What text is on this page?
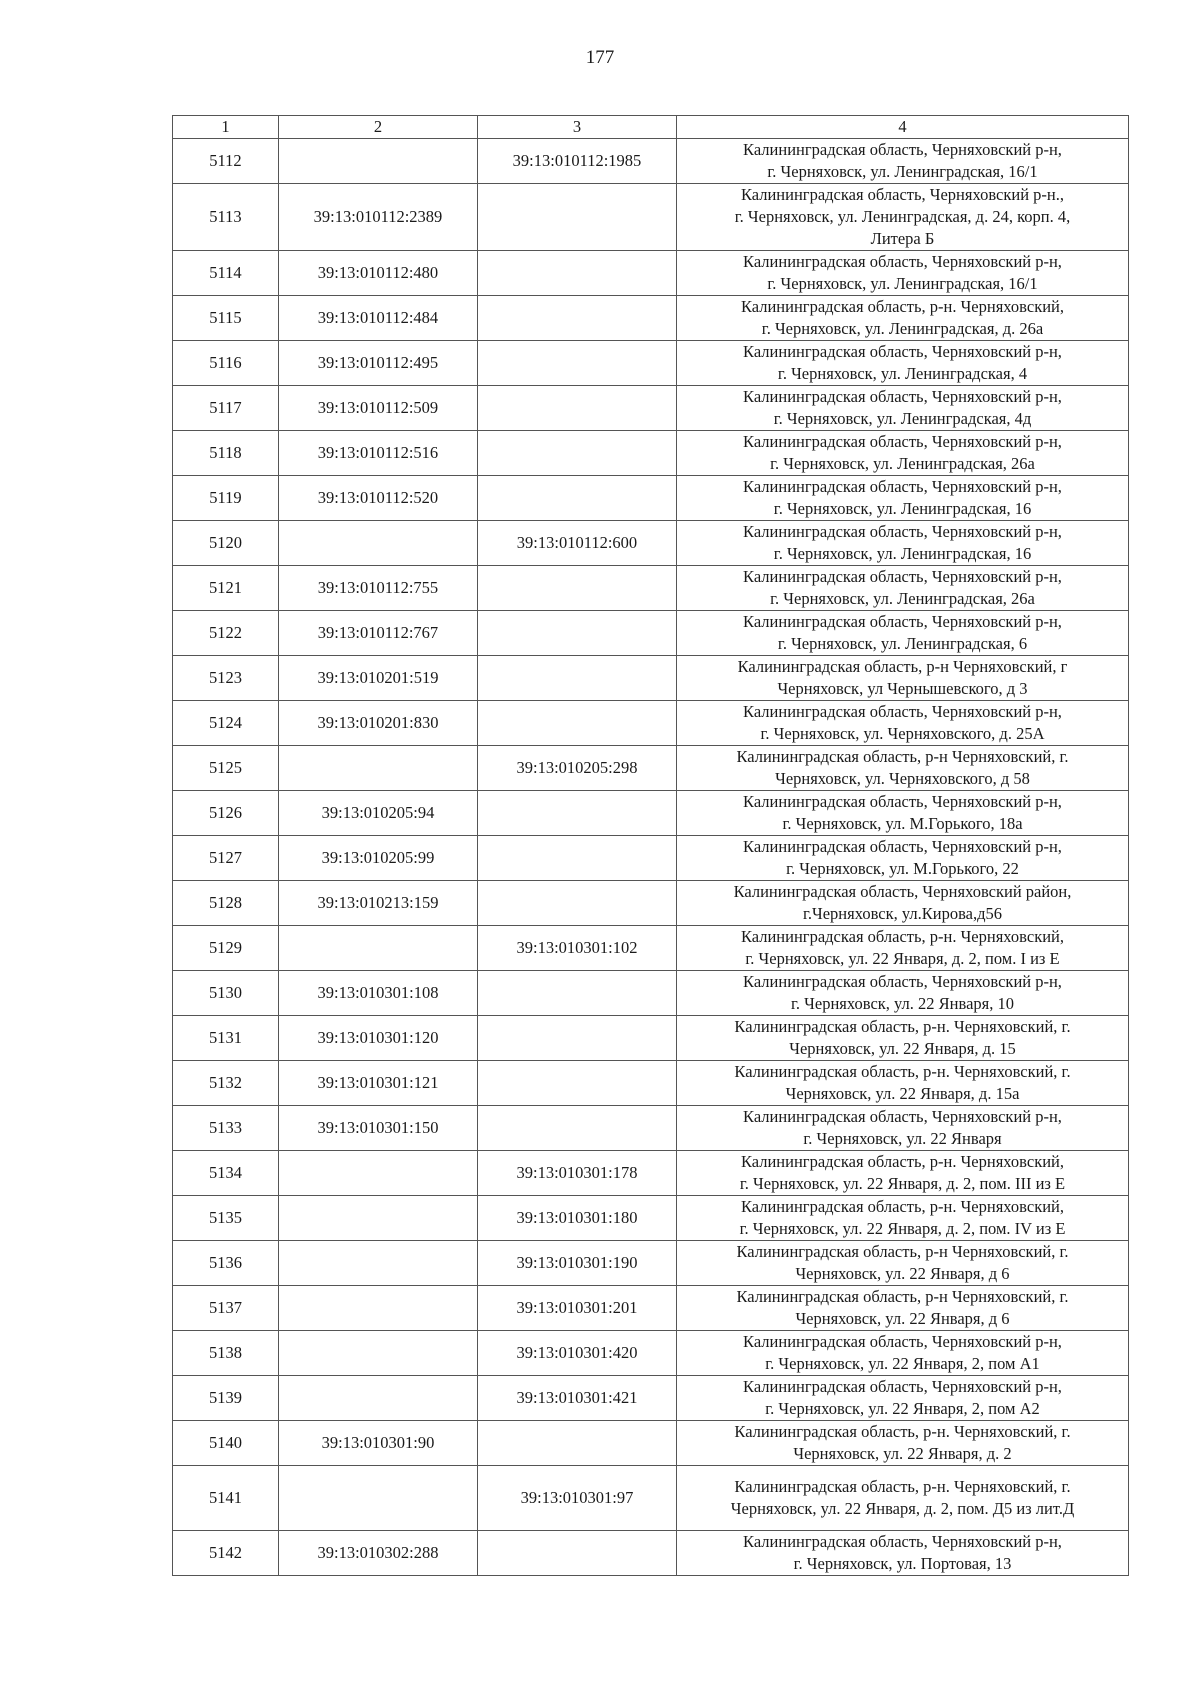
177
1	2	3	4
5112		39:13:010112:1985	Калининградская область, Черняховский р-н,
г. Черняховск, ул. Ленинградская, 16/1
5113	39:13:010112:2389		Калининградская область, Черняховский р-н.,
г. Черняховск, ул. Ленинградская, д. 24, корп. 4,
Литера Б
5114	39:13:010112:480		Калининградская область, Черняховский р-н,
г. Черняховск, ул. Ленинградская, 16/1
5115	39:13:010112:484		Калининградская область, р-н. Черняховский,
г. Черняховск, ул. Ленинградская, д. 26а
5116	39:13:010112:495		Калининградская область, Черняховский р-н,
г. Черняховск, ул. Ленинградская, 4
5117	39:13:010112:509		Калининградская область, Черняховский р-н,
г. Черняховск, ул. Ленинградская, 4д
5118	39:13:010112:516		Калининградская область, Черняховский р-н,
г. Черняховск, ул. Ленинградская, 26а
5119	39:13:010112:520		Калининградская область, Черняховский р-н,
г. Черняховск, ул. Ленинградская, 16
5120		39:13:010112:600	Калининградская область, Черняховский р-н,
г. Черняховск, ул. Ленинградская, 16
5121	39:13:010112:755		Калининградская область, Черняховский р-н,
г. Черняховск, ул. Ленинградская, 26а
5122	39:13:010112:767		Калининградская область, Черняховский р-н,
г. Черняховск, ул. Ленинградская, 6
5123	39:13:010201:519		Калининградская область, р-н Черняховский, г
Черняховск, ул Чернышевского, д 3
5124	39:13:010201:830		Калининградская область, Черняховский р-н,
г. Черняховск, ул. Черняховского, д. 25А
5125		39:13:010205:298	Калининградская область, р-н Черняховский, г.
Черняховск, ул. Черняховского, д 58
5126	39:13:010205:94		Калининградская область, Черняховский р-н,
г. Черняховск, ул. М.Горького, 18а
5127	39:13:010205:99		Калининградская область, Черняховский р-н,
г. Черняховск, ул. М.Горького, 22
5128	39:13:010213:159		Калининградская область, Черняховский район,
г.Черняховск, ул.Кирова,д56
5129		39:13:010301:102	Калининградская область, р-н. Черняховский,
г. Черняховск, ул. 22 Января, д. 2, пом. I из Е
5130	39:13:010301:108		Калининградская область, Черняховский р-н,
г. Черняховск, ул. 22 Января, 10
5131	39:13:010301:120		Калининградская область, р-н. Черняховский, г.
Черняховск, ул. 22 Января, д. 15
5132	39:13:010301:121		Калининградская область, р-н. Черняховский, г.
Черняховск, ул. 22 Января, д. 15а
5133	39:13:010301:150		Калининградская область, Черняховский р-н,
г. Черняховск, ул. 22 Января
5134		39:13:010301:178	Калининградская область, р-н. Черняховский,
г. Черняховск, ул. 22 Января, д. 2, пом. III из Е
5135		39:13:010301:180	Калининградская область, р-н. Черняховский,
г. Черняховск, ул. 22 Января, д. 2, пом. IV из Е
5136		39:13:010301:190	Калининградская область, р-н Черняховский, г.
Черняховск, ул. 22 Января, д 6
5137		39:13:010301:201	Калининградская область, р-н Черняховский, г.
Черняховск, ул. 22 Января, д 6
5138		39:13:010301:420	Калининградская область, Черняховский р-н,
г. Черняховск, ул. 22 Января, 2, пом А1
5139		39:13:010301:421	Калининградская область, Черняховский р-н,
г. Черняховск, ул. 22 Января, 2, пом А2
5140	39:13:010301:90		Калининградская область, р-н. Черняховский, г.
Черняховск, ул. 22 Января, д. 2
5141		39:13:010301:97	Калининградская область, р-н. Черняховский, г.
Черняховск, ул. 22 Января, д. 2, пом. Д5 из лит.Д
5142	39:13:010302:288		Калининградская область, Черняховский р-н,
г. Черняховск, ул. Портовая, 13
